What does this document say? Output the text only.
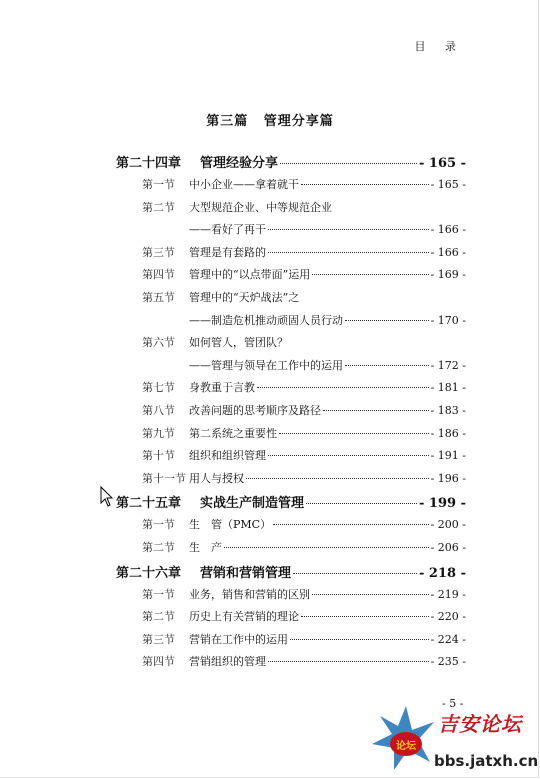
目 录
第三篇 管理分享篇
第二十四章	管理经验分享	- 165 -
第一节	中小企业——拿着就干	- 165 -
第二节	大型规范企业、中等规范企业
——看好了再干	- 166 -
第三节	管理是有套路的	- 166 -
第四节	管理中的“以点带面”运用	- 169 -
第五节	管理中的“天炉战法”之
——制造危机推动顽固人员行动	- 170 -
第六节	如何管人，管团队？
——管理与领导在工作中的运用	- 172 -
第七节	身教重于言教	- 181 -
第八节	改善问题的思考顺序及路径	- 183 -
第九节	第二系统之重要性	- 186 -
第十节	组织和组织管理	- 191 -
第十一节 用人与授权	- 196 -
第二十五章	实战生产制造管理	- 199 -
第一节	生　管（PMC）	- 200 -
第二节	生　产	- 206 -
第二十六章	营销和营销管理	- 218 -
第一节	业务，销售和营销的区别	- 219 -
第二节	历史上有关营销的理论	- 220 -
第三节	营销在工作中的运用	- 224 -
第四节	营销组织的管理	- 235 -
- 5 -
论坛
吉安论坛
bbs.jatxh.cn
